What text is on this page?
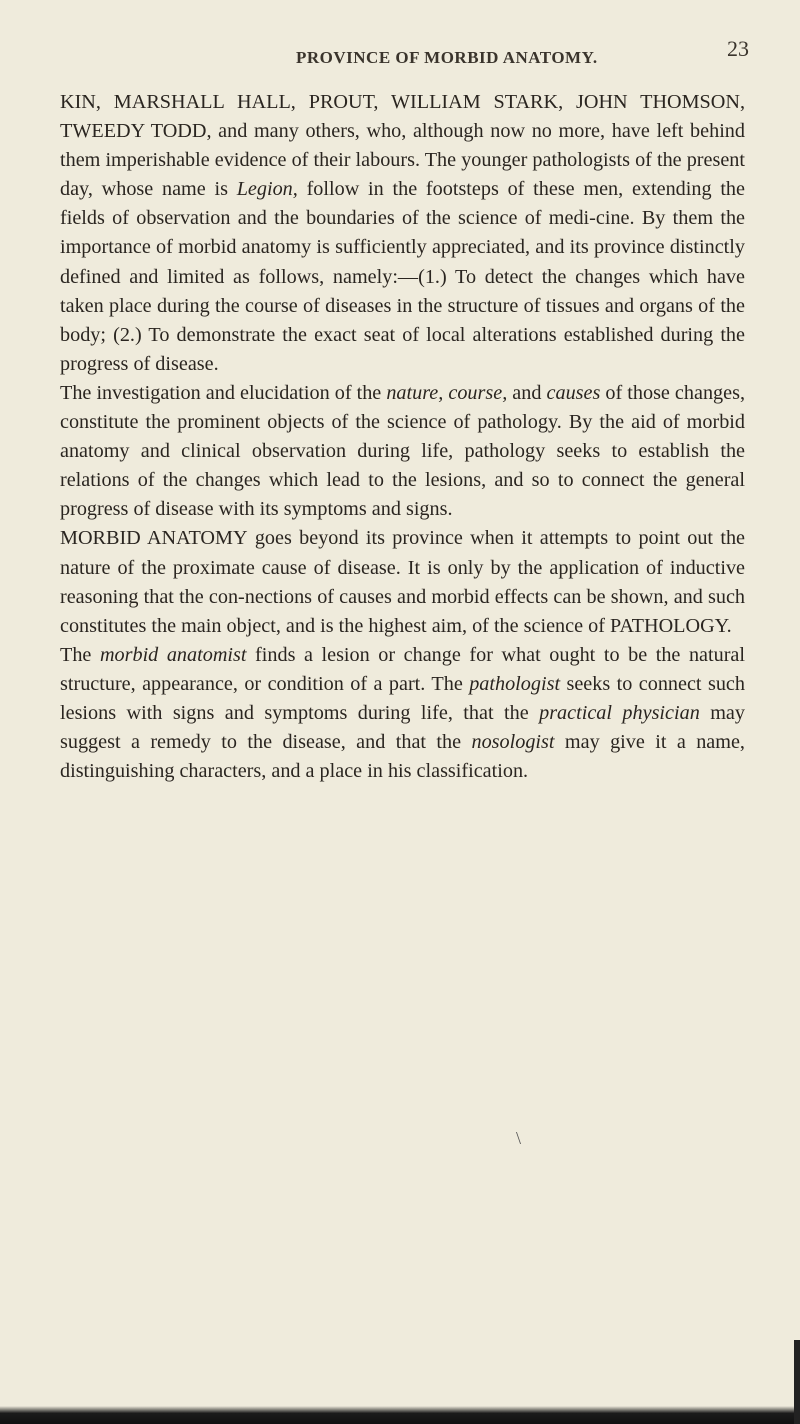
PROVINCE OF MORBID ANATOMY.	23

KIN, MARSHALL HALL, PROUT, WILLIAM STARK, JOHN THOMSON, TWEEDY TODD, and many others, who, although now no more, have left behind them imperishable evidence of their labours. The younger pathologists of the present day, whose name is Legion, follow in the footsteps of these men, extending the fields of observation and the boundaries of the science of medi-cine. By them the importance of morbid anatomy is sufficiently appreciated, and its province distinctly defined and limited as follows, namely:—(1.) To detect the changes which have taken place during the course of diseases in the structure of tissues and organs of the body; (2.) To demonstrate the exact seat of local alterations established during the progress of disease.

The investigation and elucidation of the nature, course, and causes of those changes, constitute the prominent objects of the science of pathology. By the aid of morbid anatomy and clinical observation during life, pathology seeks to establish the relations of the changes which lead to the lesions, and so to connect the general progress of disease with its symptoms and signs.

MORBID ANATOMY goes beyond its province when it attempts to point out the nature of the proximate cause of disease. It is only by the application of inductive reasoning that the con-nections of causes and morbid effects can be shown, and such constitutes the main object, and is the highest aim, of the science of PATHOLOGY.

The morbid anatomist finds a lesion or change for what ought to be the natural structure, appearance, or condition of a part. The pathologist seeks to connect such lesions with signs and symptoms during life, that the practical physician may suggest a remedy to the disease, and that the nosologist may give it a name, distinguishing characters, and a place in his classification.

\
